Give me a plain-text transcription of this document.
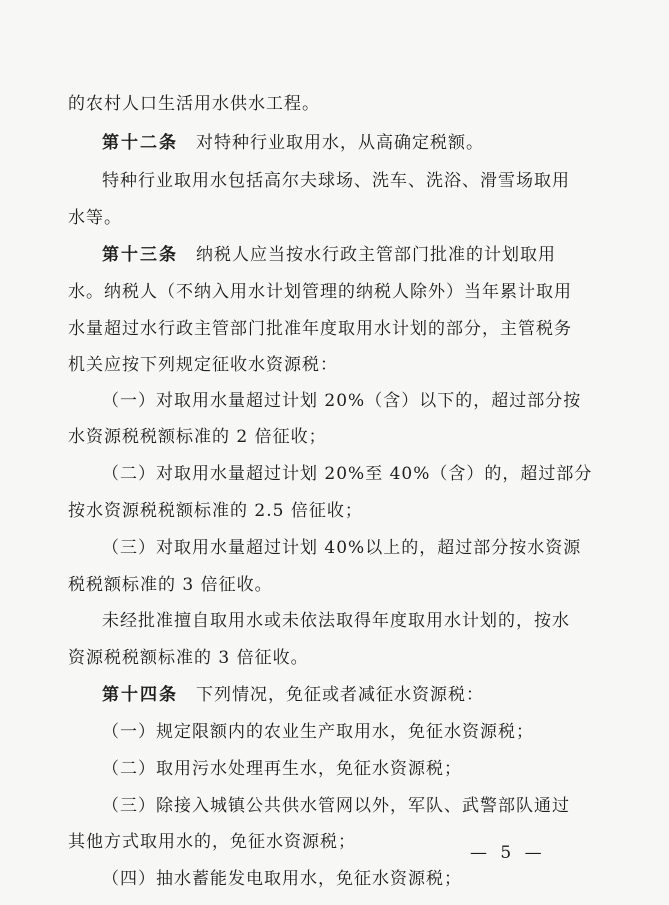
的农村人口生活用水供水工程。
第十二条　对特种行业取用水，从高确定税额。
特种行业取用水包括高尔夫球场、洗车、洗浴、滑雪场取用
水等。
第十三条　纳税人应当按水行政主管部门批准的计划取用
水。纳税人（不纳入用水计划管理的纳税人除外）当年累计取用
水量超过水行政主管部门批准年度取用水计划的部分，主管税务
机关应按下列规定征收水资源税：
（一）对取用水量超过计划 20%（含）以下的，超过部分按
水资源税税额标准的 2 倍征收；
（二）对取用水量超过计划 20%至 40%（含）的，超过部分
按水资源税税额标准的 2.5 倍征收；
（三）对取用水量超过计划 40%以上的，超过部分按水资源
税税额标准的 3 倍征收。
未经批准擅自取用水或未依法取得年度取用水计划的，按水
资源税税额标准的 3 倍征收。
第十四条　下列情况，免征或者减征水资源税：
（一）规定限额内的农业生产取用水，免征水资源税；
（二）取用污水处理再生水，免征水资源税；
（三）除接入城镇公共供水管网以外，军队、武警部队通过
其他方式取用水的，免征水资源税；
（四）抽水蓄能发电取用水，免征水资源税；
— 5 —
